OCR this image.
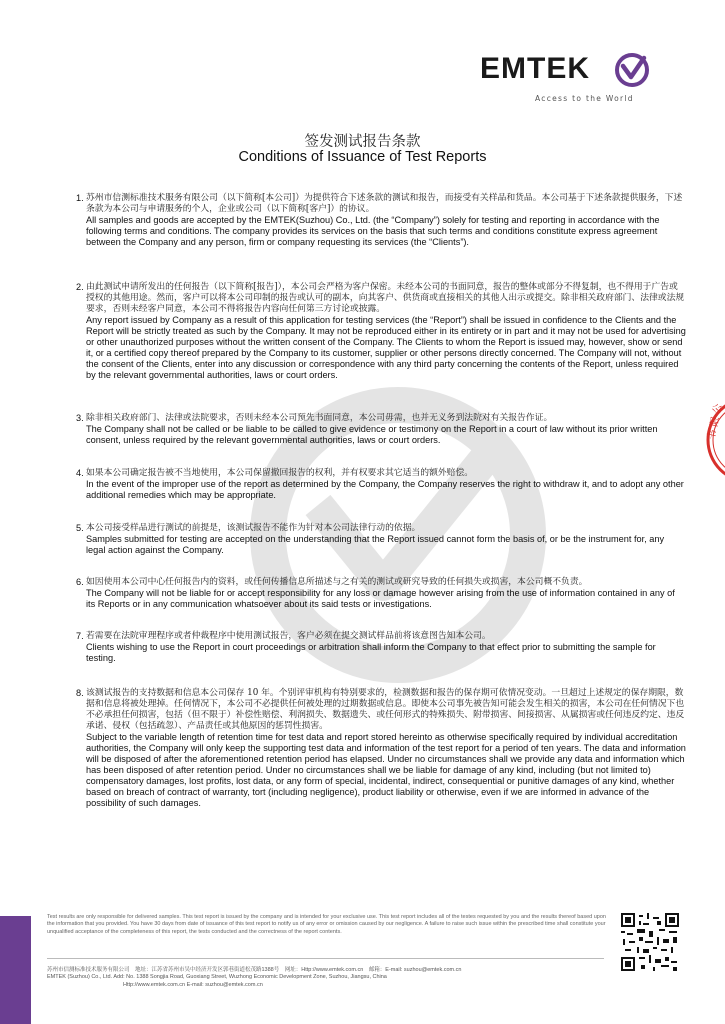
书 限 公
EMTEK
Access to the World
签发测试报告条款
Conditions of Issuance of Test Reports
1. 苏州市信测标准技术服务有限公司（以下简称[本公司]）为提供符合下述条款的测试和报告，而接受有关样品和货品。本公司基于下述条款提供服务，下述条款为本公司与申请服务的个人，企业或公司（以下简称[客户]）的协议。
All samples and goods are accepted by the EMTEK(Suzhou) Co., Ltd. (the “Company”) solely for testing and reporting in accordance with the following terms and conditions. The company provides its services on the basis that such terms and conditions constitute express agreement between the Company and any person, firm or company requesting its services (the “Clients”).
2. 由此测试申请所发出的任何报告（以下简称[报告]），本公司会严格为客户保密。未经本公司的书面同意，报告的整体或部分不得复制，也不得用于广告或授权的其他用途。然而，客户可以将本公司印制的报告或认可的副本，向其客户、供货商或直接相关的其他人出示或提交。除非相关政府部门、法律或法规要求，否则未经客户同意，本公司不得将报告内容向任何第三方讨论或披露。
Any report issued by Company as a result of this application for testing services (the “Report”) shall be issued in confidence to the Clients and the Report will be strictly treated as such by the Company. It may not be reproduced either in its entirety or in part and it may not be used for advertising or other unauthorized purposes without the written consent of the Company. The Clients to whom the Report is issued may, however, show or send it, or a certified copy thereof prepared by the Company to its customer, supplier or other persons directly concerned. The Company will not, without the consent of the Clients, enter into any discussion or correspondence with any third party concerning the contents of the Report, unless required by the relevant governmental authorities, laws or court orders.
3. 除非相关政府部门、法律或法院要求，否则未经本公司预先书面同意，本公司毋需，也并无义务到法院对有关报告作证。
The Company shall not be called or be liable to be called to give evidence or testimony on the Report in a court of law without its prior written consent, unless required by the relevant governmental authorities, laws or court orders.
4. 如果本公司确定报告被不当地使用，本公司保留撤回报告的权利，并有权要求其它适当的额外赔偿。
In the event of the improper use of the report as determined by the Company, the Company reserves the right to withdraw it, and to adopt any other additional remedies which may be appropriate.
5. 本公司接受样品进行测试的前提是，该测试报告不能作为针对本公司法律行动的依据。
Samples submitted for testing are accepted on the understanding that the Report issued cannot form the basis of, or be the instrument for, any legal action against the Company.
6. 如因使用本公司中心任何报告内的资料，或任何传播信息所描述与之有关的测试或研究导致的任何损失或损害，本公司概不负责。
The Company will not be liable for or accept responsibility for any loss or damage however arising from the use of information contained in any of its Reports or in any communication whatsoever about its said tests or investigations.
7. 若需要在法院审理程序或者仲裁程序中使用测试报告，客户必须在提交测试样品前将该意图告知本公司。
Clients wishing to use the Report in court proceedings or arbitration shall inform the Company to that effect prior to submitting the sample for testing.
8. 该测试报告的支持数据和信息本公司保存 10 年。个别评审机构有特别要求的，检测数据和报告的保存期可依情况变动。一旦超过上述规定的保存期限，数据和信息将被处理掉。任何情况下，本公司不必提供任何被处理的过期数据或信息。即使本公司事先被告知可能会发生相关的损害，本公司在任何情况下也不必承担任何损害，包括（但不限于）补偿性赔偿、利润损失、数据遗失、或任何形式的特殊损失、附带损害、间接损害、从属损害或任何违反约定、违反承诺、侵权（包括疏忽）、产品责任或其他原因的惩罚性损害。
Subject to the variable length of retention time for test data and report stored hereinto as otherwise specifically required by individual accreditation authorities, the Company will only keep the supporting test data and information of the test report for a period of ten years. The data and information will be disposed of after the aforementioned retention period has elapsed. Under no circumstances shall we provide any data and information which has been disposed of after retention period. Under no circumstances shall we be liable for damage of any kind, including (but not limited to) compensatory damages, lost profits, lost data, or any form of special, incidental, indirect, consequential or punitive damages of any kind, whether based on breach of contract of warranty, tort (including negligence), product liability or otherwise, even if we are informed in advance of the possibility of such damages.
Test results are only responsible for delivered samples. This test report is issued by the company and is intended for your exclusive use. This test report includes all of the testes requested by you and the results thereof based upon the information that you provided. You have 30 days from date of issuance of this test report to notify us of any error or omission caused by our negligence. A failure to raise such issue within the prescribed time shall constitute your unqualified acceptance of the completeness of this report, the tests conducted and the correctness of the report contents.
苏州市信测标准技术服务有限公司　地址：江苏省苏州市吴中经济开发区郭巷街道松茂路1388号　网址：Http://www.emtek.com.cn　邮箱：E-mail: suzhou@emtek.com.cn
EMTEK (Suzhou) Co., Ltd. Add: No. 1388 Songjia Road, Guoxiang Street, Wuzhong Economic Development Zone, Suzhou, Jiangsu, China
Http://www.emtek.com.cn E-mail: suzhou@emtek.com.cn
